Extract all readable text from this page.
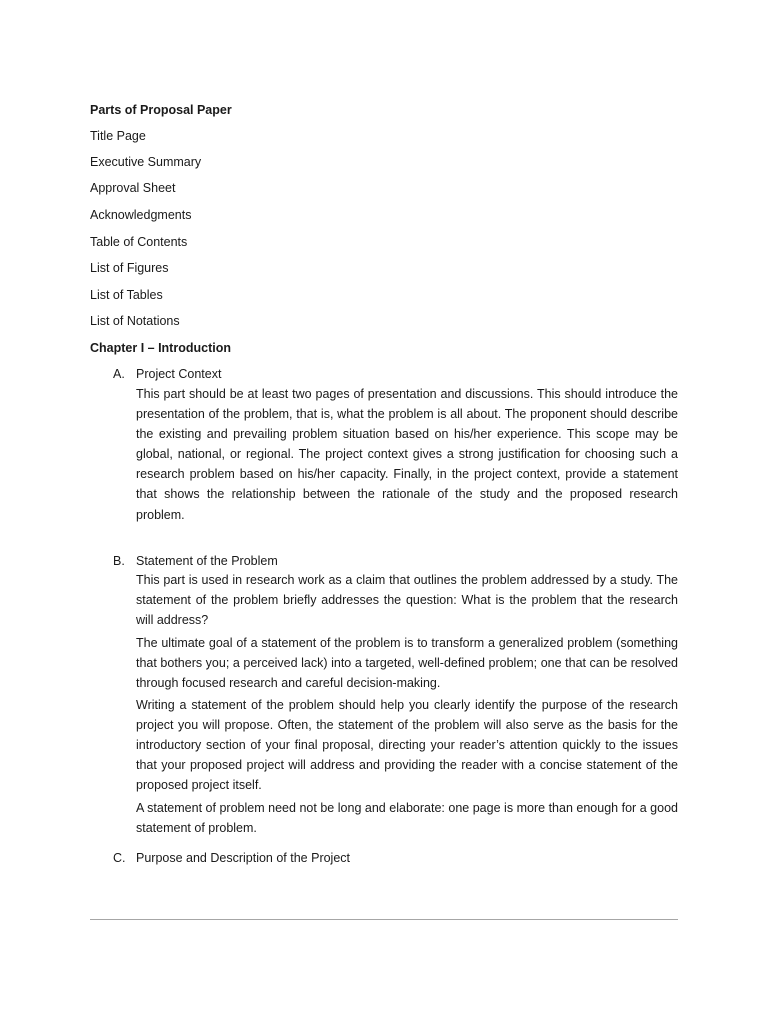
Parts of Proposal Paper
Title Page
Executive Summary
Approval Sheet
Acknowledgments
Table of Contents
List of Figures
List of Tables
List of Notations
Chapter I – Introduction
A. Project Context

This part should be at least two pages of presentation and discussions. This should introduce the presentation of the problem, that is, what the problem is all about. The proponent should describe the existing and prevailing problem situation based on his/her experience. This scope may be global, national, or regional. The project context gives a strong justification for choosing such a research problem based on his/her capacity. Finally, in the project context, provide a statement that shows the relationship between the rationale of the study and the proposed research problem.

B. Statement of the Problem

This part is used in research work as a claim that outlines the problem addressed by a study. The statement of the problem briefly addresses the question: What is the problem that the research will address?

The ultimate goal of a statement of the problem is to transform a generalized problem (something that bothers you; a perceived lack) into a targeted, well-defined problem; one that can be resolved through focused research and careful decision-making.

Writing a statement of the problem should help you clearly identify the purpose of the research project you will propose. Often, the statement of the problem will also serve as the basis for the introductory section of your final proposal, directing your reader’s attention quickly to the issues that your proposed project will address and providing the reader with a concise statement of the proposed project itself.

A statement of problem need not be long and elaborate: one page is more than enough for a good statement of problem.

C. Purpose and Description of the Project
